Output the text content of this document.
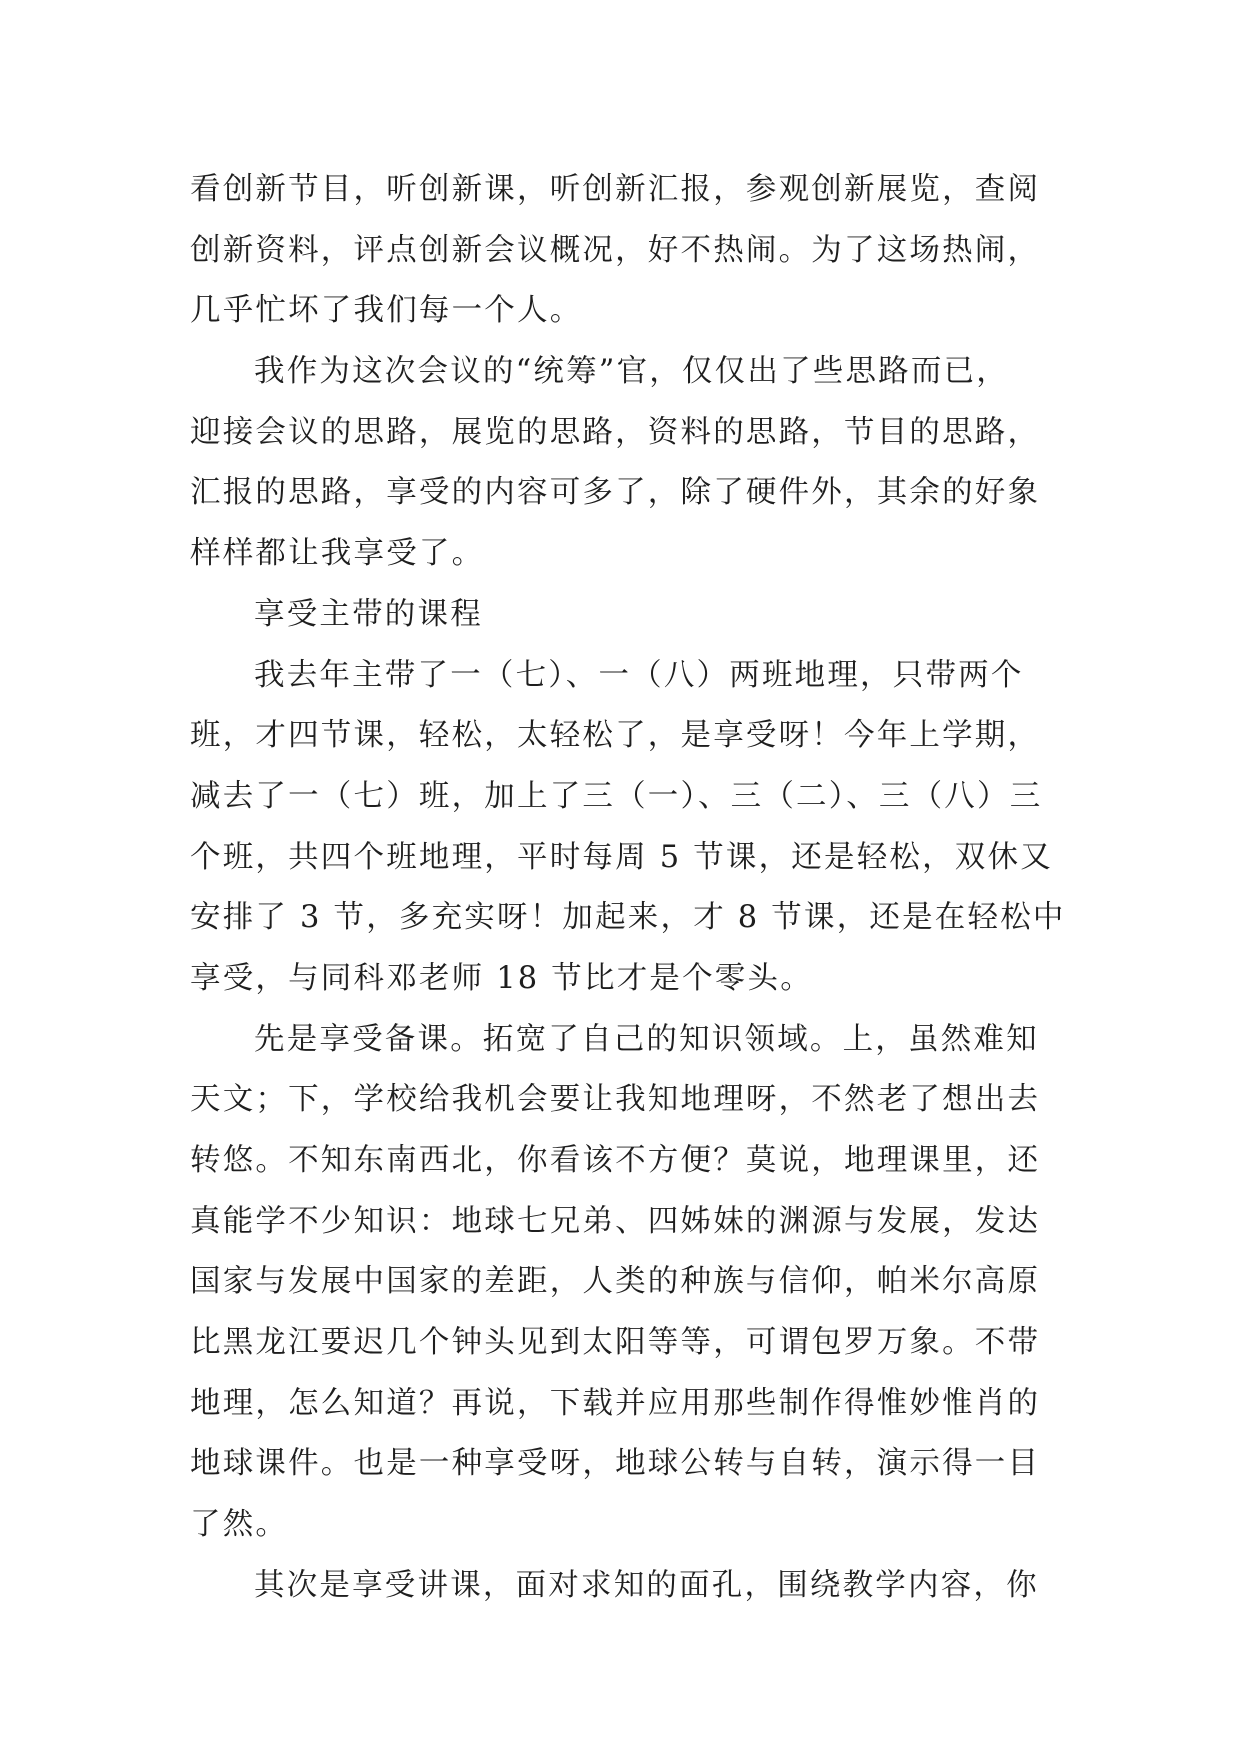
看创新节目，听创新课，听创新汇报，参观创新展览，查阅
创新资料，评点创新会议概况，好不热闹。为了这场热闹，
几乎忙坏了我们每一个人。
我作为这次会议的“统筹”官，仅仅出了些思路而已，
迎接会议的思路，展览的思路，资料的思路，节目的思路，
汇报的思路，享受的内容可多了，除了硬件外，其余的好象
样样都让我享受了。
享受主带的课程
我去年主带了一（七）、一（八）两班地理，只带两个
班，才四节课，轻松，太轻松了，是享受呀！今年上学期，
减去了一（七）班，加上了三（一）、三（二）、三（八）三
个班，共四个班地理，平时每周 5 节课，还是轻松，双休又
安排了 3 节，多充实呀！加起来，才 8 节课，还是在轻松中
享受，与同科邓老师 18 节比才是个零头。
先是享受备课。拓宽了自己的知识领域。上，虽然难知
天文；下，学校给我机会要让我知地理呀，不然老了想出去
转悠。不知东南西北，你看该不方便？莫说，地理课里，还
真能学不少知识：地球七兄弟、四姊妹的渊源与发展，发达
国家与发展中国家的差距，人类的种族与信仰，帕米尔高原
比黑龙江要迟几个钟头见到太阳等等，可谓包罗万象。不带
地理，怎么知道？再说，下载并应用那些制作得惟妙惟肖的
地球课件。也是一种享受呀，地球公转与自转，演示得一目
了然。
其次是享受讲课，面对求知的面孔，围绕教学内容，你
